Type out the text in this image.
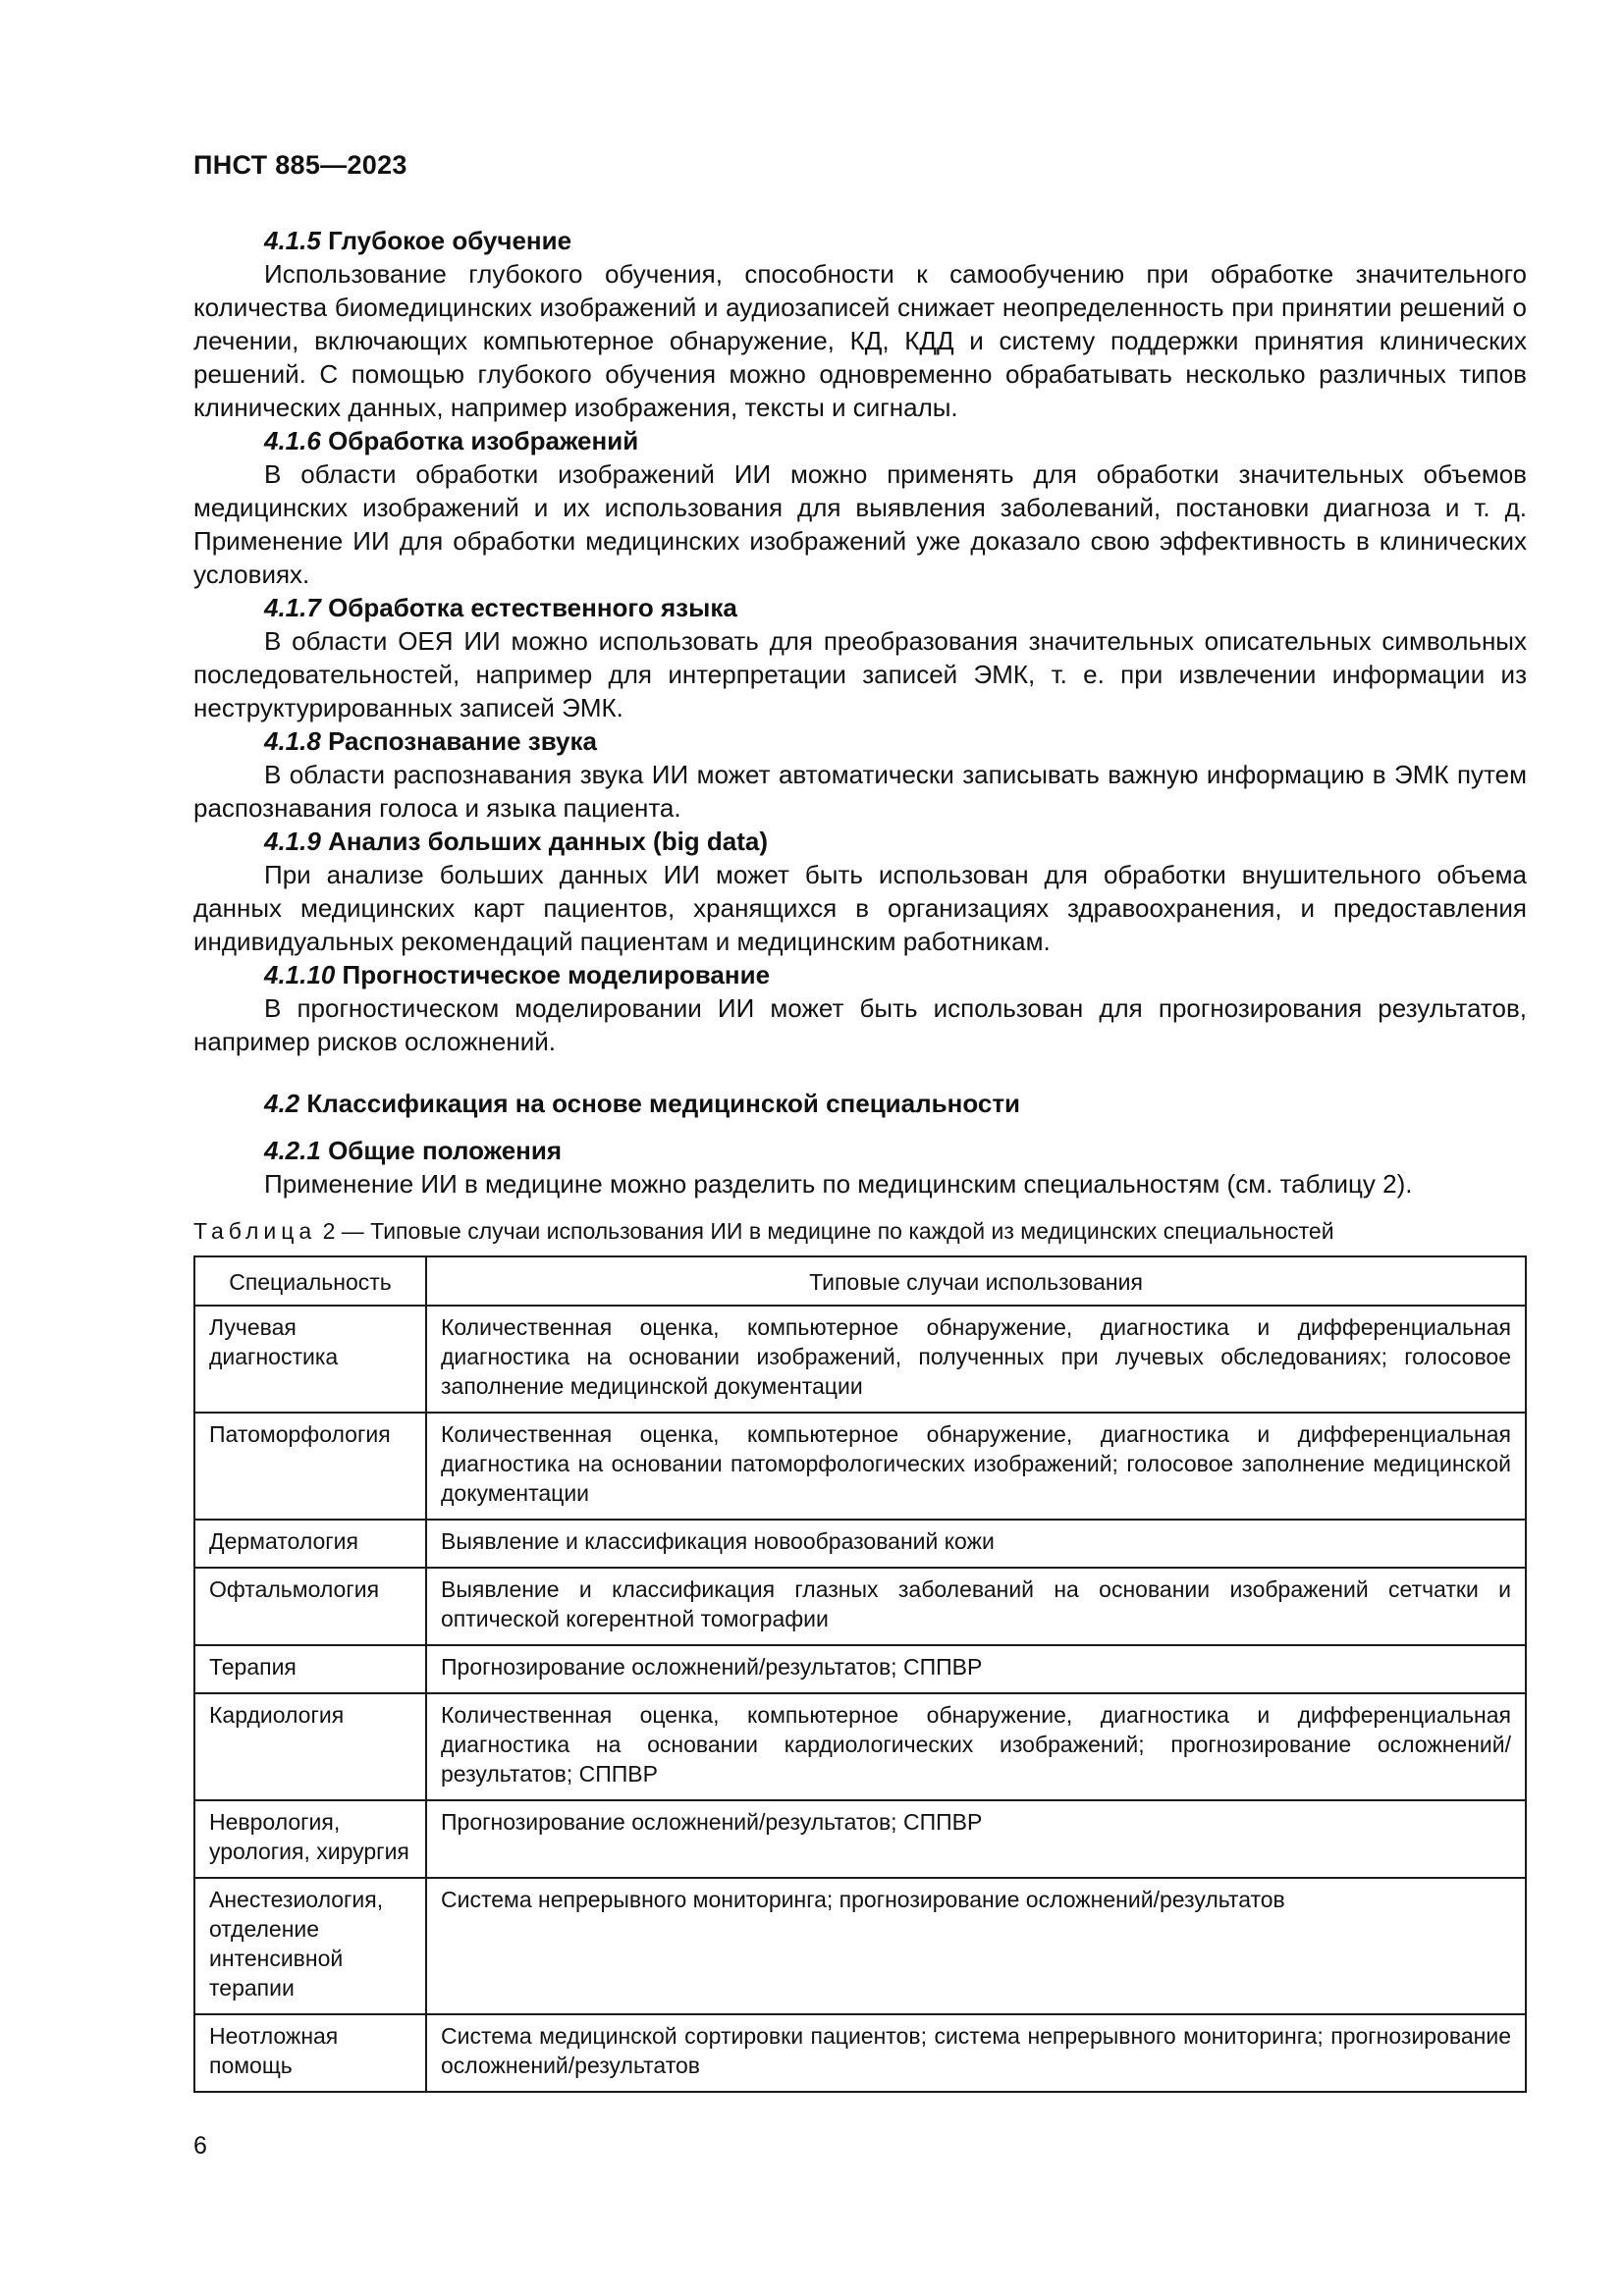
ПНСТ 885—2023

4.1.5 Глубокое обучение

Использование глубокого обучения, способности к самообучению при обработке значительного количества биомедицинских изображений и аудиозаписей снижает неопределенность при принятии решений о лечении, включающих компьютерное обнаружение, КД, КДД и систему поддержки принятия клинических решений. С помощью глубокого обучения можно одновременно обрабатывать несколько различных типов клинических данных, например изображения, тексты и сигналы.

4.1.6 Обработка изображений

В области обработки изображений ИИ можно применять для обработки значительных объемов медицинских изображений и их использования для выявления заболеваний, постановки диагноза и т. д. Применение ИИ для обработки медицинских изображений уже доказало свою эффективность в клинических условиях.

4.1.7 Обработка естественного языка

В области ОЕЯ ИИ можно использовать для преобразования значительных описательных символьных последовательностей, например для интерпретации записей ЭМК, т. е. при извлечении информации из неструктурированных записей ЭМК.

4.1.8 Распознавание звука

В области распознавания звука ИИ может автоматически записывать важную информацию в ЭМК путем распознавания голоса и языка пациента.

4.1.9 Анализ больших данных (big data)

При анализе больших данных ИИ может быть использован для обработки внушительного объема данных медицинских карт пациентов, хранящихся в организациях здравоохранения, и предоставления индивидуальных рекомендаций пациентам и медицинским работникам.

4.1.10 Прогностическое моделирование

В прогностическом моделировании ИИ может быть использован для прогнозирования результатов, например рисков осложнений.

4.2 Классификация на основе медицинской специальности

4.2.1 Общие положения

Применение ИИ в медицине можно разделить по медицинским специальностям (см. таблицу 2).

Таблица 2 — Типовые случаи использования ИИ в медицине по каждой из медицинских специальностей
Специальность	Типовые случаи использования
Лучевая диагностика	Количественная оценка, компьютерное обнаружение, диагностика и дифференциальная диагностика на основании изображений, полученных при лучевых обследованиях; голосовое заполнение медицинской документации
Патоморфология	Количественная оценка, компьютерное обнаружение, диагностика и дифференциальная диагностика на основании патоморфологических изображений; голосовое заполнение медицинской документации
Дерматология	Выявление и классификация новообразований кожи
Офтальмология	Выявление и классификация глазных заболеваний на основании изображений сетчатки и оптической когерентной томографии
Терапия	Прогнозирование осложнений/результатов; СППВР
Кардиология	Количественная оценка, компьютерное обнаружение, диагностика и дифференциальная диагностика на основании кардиологических изображений; прогнозирование осложнений/результатов; СППВР
Неврология, урология, хирургия	Прогнозирование осложнений/результатов; СППВР
Анестезиология, отделение интенсивной терапии	Система непрерывного мониторинга; прогнозирование осложнений/результатов
Неотложная помощь	Система медицинской сортировки пациентов; система непрерывного мониторинга; прогнозирование осложнений/результатов
6
